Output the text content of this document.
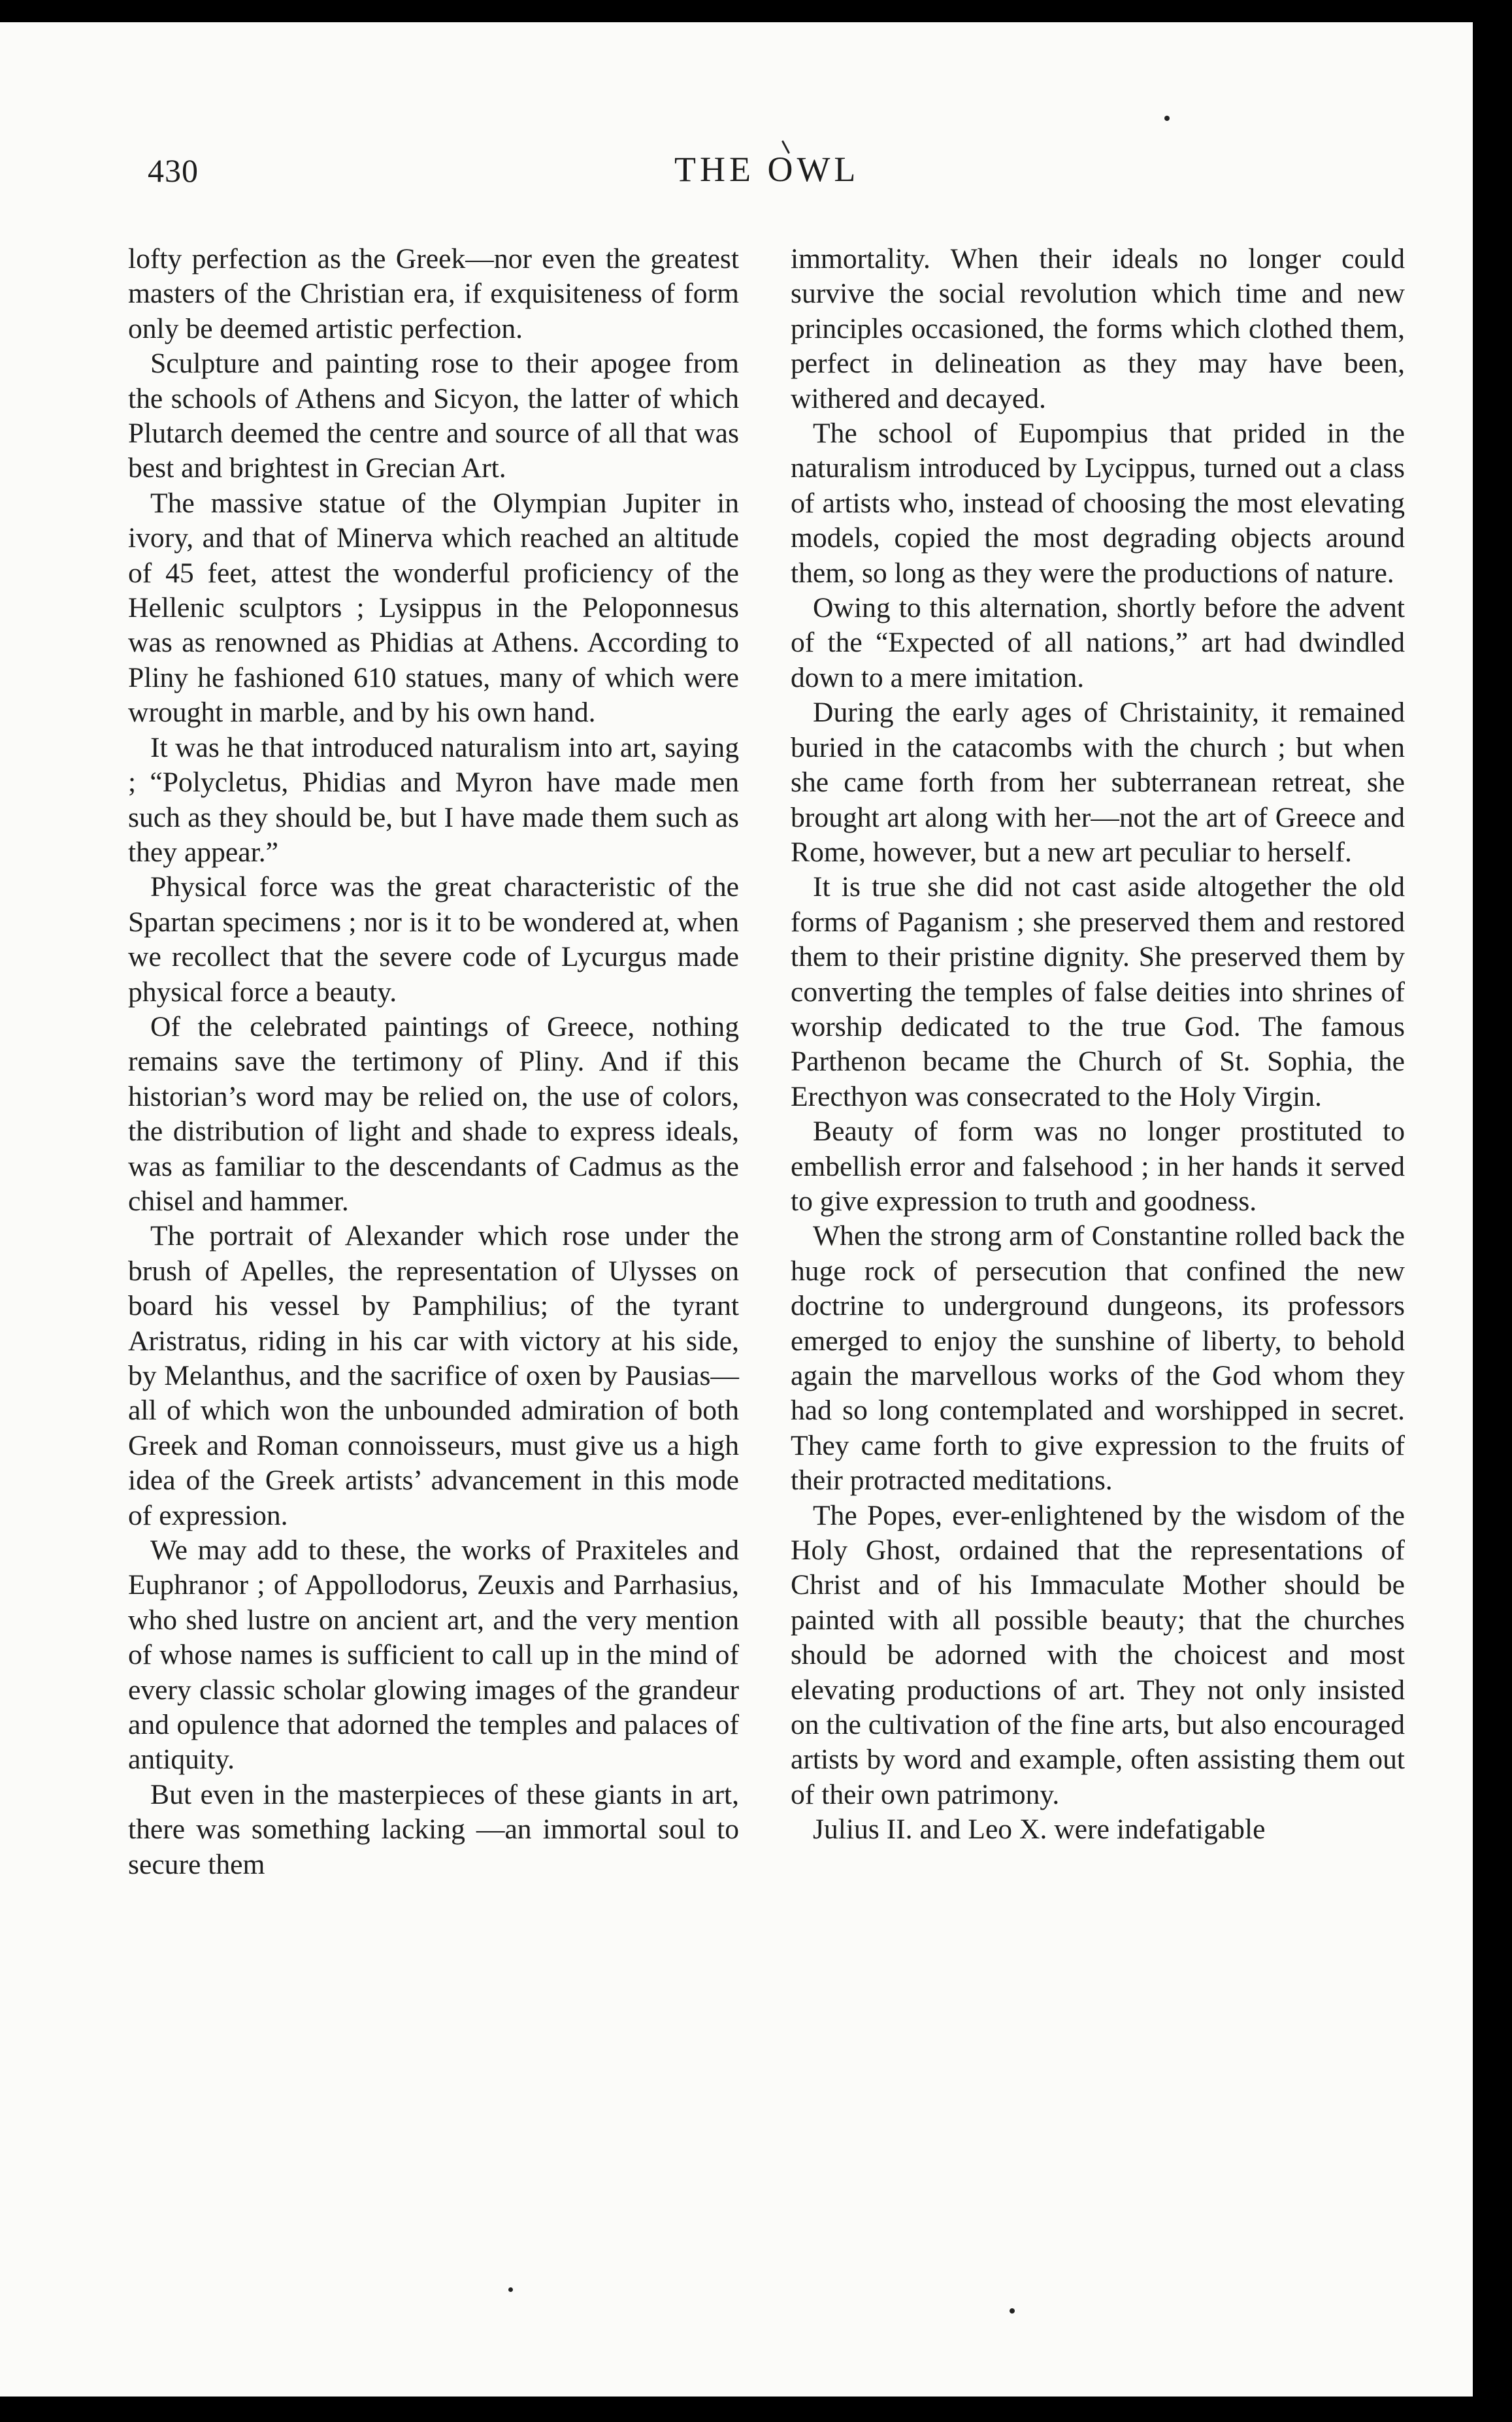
430	THE OWL

lofty perfection as the Greek—nor even the greatest masters of the Christian era, if exquisiteness of form only be deemed artistic perfection.

Sculpture and painting rose to their apogee from the schools of Athens and Sicyon, the latter of which Plutarch deemed the centre and source of all that was best and brightest in Grecian Art.

The massive statue of the Olympian Jupiter in ivory, and that of Minerva which reached an altitude of 45 feet, attest the wonderful proficiency of the Hellenic sculptors ; Lysippus in the Peloponnesus was as renowned as Phidias at Athens. According to Pliny he fashioned 610 statues, many of which were wrought in marble, and by his own hand.

It was he that introduced naturalism into art, saying ; “Polycletus, Phidias and Myron have made men such as they should be, but I have made them such as they appear.”

Physical force was the great characteristic of the Spartan specimens ; nor is it to be wondered at, when we recollect that the severe code of Lycurgus made physical force a beauty.

Of the celebrated paintings of Greece, nothing remains save the tertimony of Pliny. And if this historian’s word may be relied on, the use of colors, the distribution of light and shade to express ideals, was as familiar to the descendants of Cadmus as the chisel and hammer.

The portrait of Alexander which rose under the brush of Apelles, the representation of Ulysses on board his vessel by Pamphilius; of the tyrant Aristratus, riding in his car with victory at his side, by Melanthus, and the sacrifice of oxen by Pausias—all of which won the unbounded admiration of both Greek and Roman connoisseurs, must give us a high idea of the Greek artists’ advancement in this mode of expression.

We may add to these, the works of Praxiteles and Euphranor ; of Appollodorus, Zeuxis and Parrhasius, who shed lustre on ancient art, and the very mention of whose names is sufficient to call up in the mind of every classic scholar glowing images of the grandeur and opulence that adorned the temples and palaces of antiquity.

But even in the masterpieces of these giants in art, there was something lacking —an immortal soul to secure them

immortality. When their ideals no longer could survive the social revolution which time and new principles occasioned, the forms which clothed them, perfect in delineation as they may have been, withered and decayed.

The school of Eupompius that prided in the naturalism introduced by Lycippus, turned out a class of artists who, instead of choosing the most elevating models, copied the most degrading objects around them, so long as they were the productions of nature.

Owing to this alternation, shortly before the advent of the “Expected of all nations,” art had dwindled down to a mere imitation.

During the early ages of Christainity, it remained buried in the catacombs with the church ; but when she came forth from her subterranean retreat, she brought art along with her—not the art of Greece and Rome, however, but a new art peculiar to herself.

It is true she did not cast aside altogether the old forms of Paganism ; she preserved them and restored them to their pristine dignity. She preserved them by converting the temples of false deities into shrines of worship dedicated to the true God. The famous Parthenon became the Church of St. Sophia, the Erecthyon was consecrated to the Holy Virgin.

Beauty of form was no longer prostituted to embellish error and falsehood ; in her hands it served to give expression to truth and goodness.

When the strong arm of Constantine rolled back the huge rock of persecution that confined the new doctrine to underground dungeons, its professors emerged to enjoy the sunshine of liberty, to behold again the marvellous works of the God whom they had so long contemplated and worshipped in secret. They came forth to give expression to the fruits of their protracted meditations.

The Popes, ever-enlightened by the wisdom of the Holy Ghost, ordained that the representations of Christ and of his Immaculate Mother should be painted with all possible beauty; that the churches should be adorned with the choicest and most elevating productions of art. They not only insisted on the cultivation of the fine arts, but also encouraged artists by word and example, often assisting them out of their own patrimony.

Julius II. and Leo X. were indefatigable
